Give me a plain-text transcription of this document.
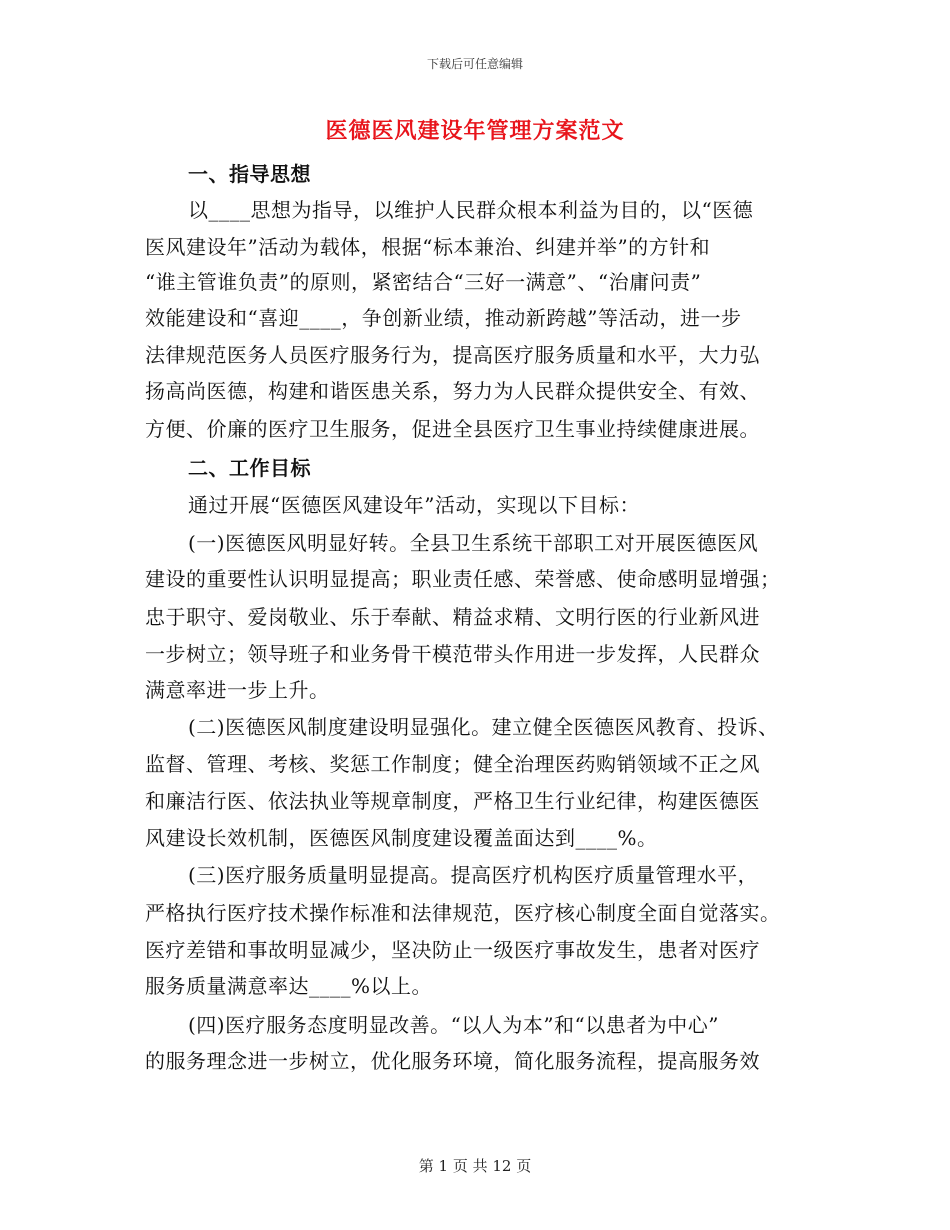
下载后可任意编辑
医德医风建设年管理方案范文
一、指导思想
以____思想为指导，以维护人民群众根本利益为目的，以“医德
医风建设年”活动为载体，根据“标本兼治、纠建并举”的方针和
“谁主管谁负责”的原则，紧密结合“三好一满意”、“治庸问责”
效能建设和“喜迎____，争创新业绩，推动新跨越”等活动，进一步
法律规范医务人员医疗服务行为，提高医疗服务质量和水平，大力弘
扬高尚医德，构建和谐医患关系，努力为人民群众提供安全、有效、
方便、价廉的医疗卫生服务，促进全县医疗卫生事业持续健康进展。
二、工作目标
通过开展“医德医风建设年”活动，实现以下目标：
(一)医德医风明显好转。全县卫生系统干部职工对开展医德医风
建设的重要性认识明显提高；职业责任感、荣誉感、使命感明显增强；
忠于职守、爱岗敬业、乐于奉献、精益求精、文明行医的行业新风进
一步树立；领导班子和业务骨干模范带头作用进一步发挥，人民群众
满意率进一步上升。
(二)医德医风制度建设明显强化。建立健全医德医风教育、投诉、
监督、管理、考核、奖惩工作制度；健全治理医药购销领域不正之风
和廉洁行医、依法执业等规章制度，严格卫生行业纪律，构建医德医
风建设长效机制，医德医风制度建设覆盖面达到____%。
(三)医疗服务质量明显提高。提高医疗机构医疗质量管理水平，
严格执行医疗技术操作标准和法律规范，医疗核心制度全面自觉落实。
医疗差错和事故明显减少，坚决防止一级医疗事故发生，患者对医疗
服务质量满意率达____%以上。
(四)医疗服务态度明显改善。“以人为本”和“以患者为中心”
的服务理念进一步树立，优化服务环境，简化服务流程，提高服务效
第 1 页 共 12 页
